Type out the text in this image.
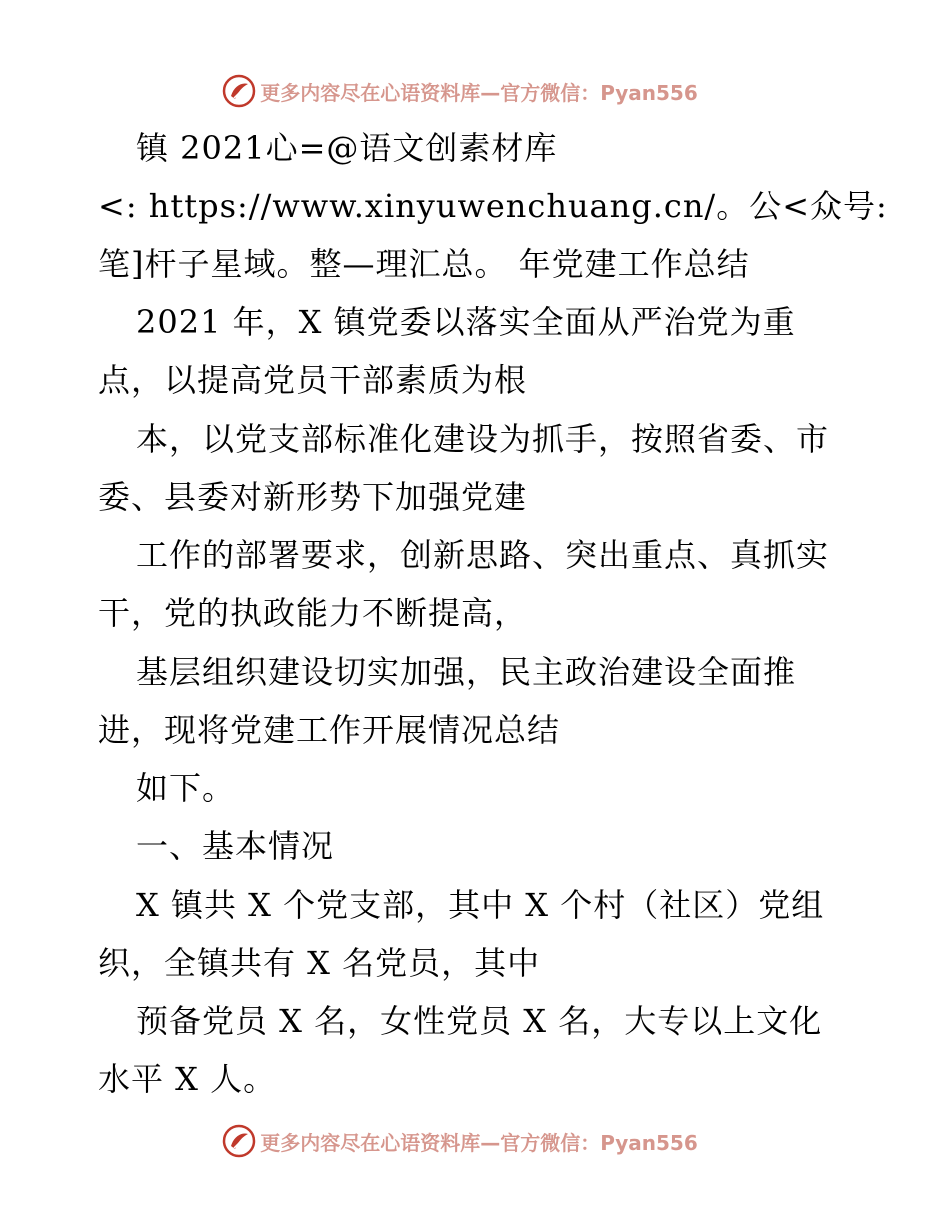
更多内容尽在心语资料库—官方微信：Pyan556
镇 2021心=@语文创素材库
<: https://www.xinyuwenchuang.cn/。公<众号:
笔]杆子星域。整—理汇总。 年党建工作总结
2021 年，X 镇党委以落实全面从严治党为重
点，以提高党员干部素质为根
本，以党支部标准化建设为抓手，按照省委、市
委、县委对新形势下加强党建
工作的部署要求，创新思路、突出重点、真抓实
干，党的执政能力不断提高，
基层组织建设切实加强，民主政治建设全面推
进，现将党建工作开展情况总结
如下。
一、基本情况
X 镇共 X 个党支部，其中 X 个村（社区）党组
织，全镇共有 X 名党员，其中
预备党员 X 名，女性党员 X 名，大专以上文化
水平 X 人。
更多内容尽在心语资料库—官方微信：Pyan556
